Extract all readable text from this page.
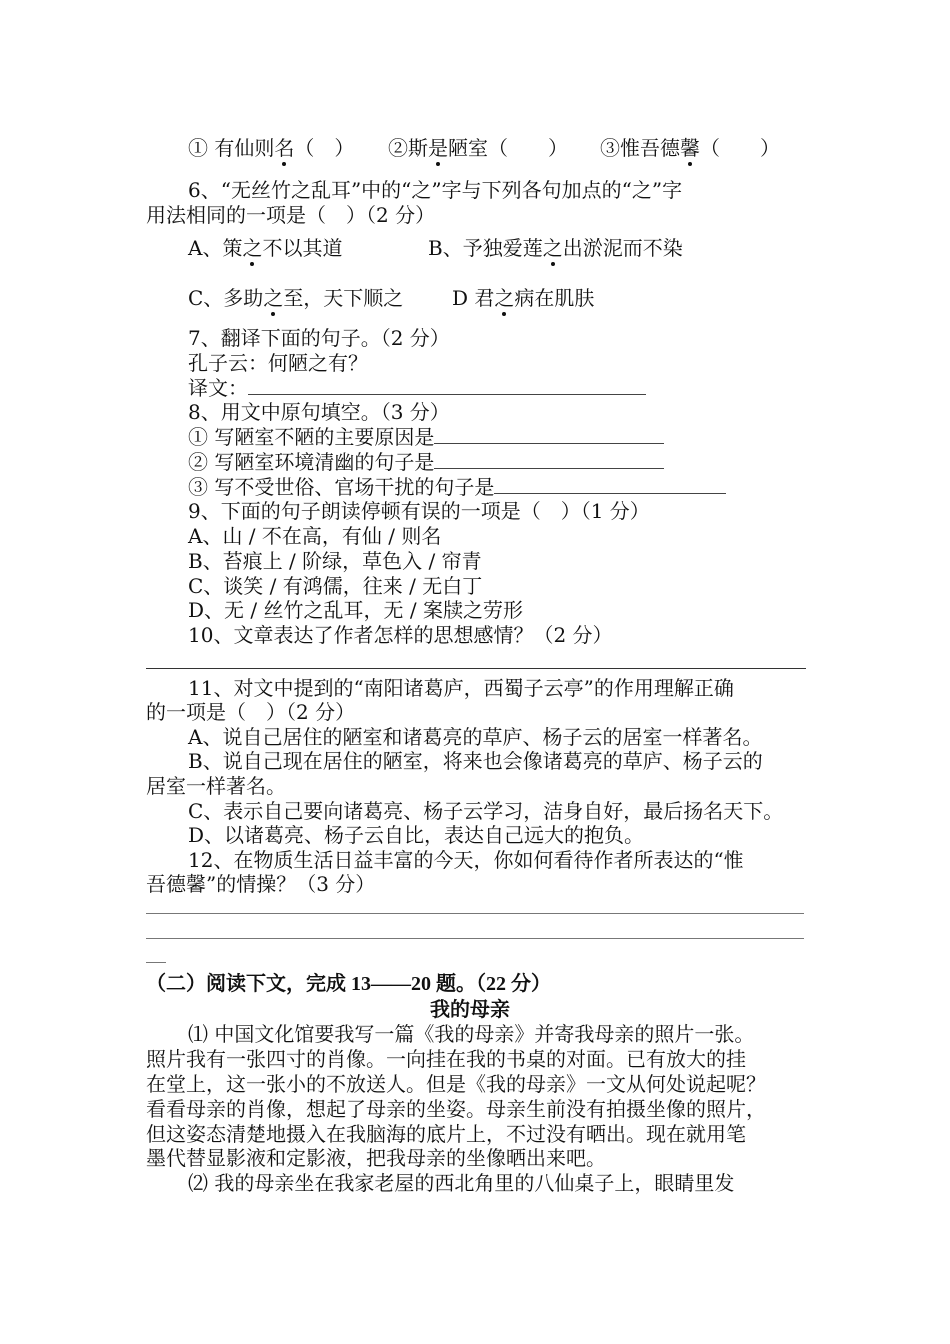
① 有仙则名（　） ②斯是陋室（　　） ③惟吾德馨（　　）
6、“无丝竹之乱耳”中的“之”字与下列各句加点的“之”字
用法相同的一项是（　）（2 分）
A、策之不以其道	B、予独爱莲之出淤泥而不染
C、多助之至，天下顺之 D 君之病在肌肤
7、翻译下面的句子。（2 分）
孔子云：何陋之有？
译文：
8、用文中原句填空。（3 分）
① 写陋室不陋的主要原因是
② 写陋室环境清幽的句子是
③ 写不受世俗、官场干扰的句子是
9、下面的句子朗读停顿有误的一项是（　）（1 分）
A、山 / 不在高，有仙 / 则名
B、苔痕上 / 阶绿，草色入 / 帘青
C、谈笑 / 有鸿儒，往来 / 无白丁
D、无 / 丝竹之乱耳，无 / 案牍之劳形
10、文章表达了作者怎样的思想感情？（2 分）
11、对文中提到的“南阳诸葛庐，西蜀子云亭”的作用理解正确
的一项是（　）（2 分）
A、说自己居住的陋室和诸葛亮的草庐、杨子云的居室一样著名。
B、说自己现在居住的陋室，将来也会像诸葛亮的草庐、杨子云的
居室一样著名。
C、表示自己要向诸葛亮、杨子云学习，洁身自好，最后扬名天下。
D、以诸葛亮、杨子云自比，表达自己远大的抱负。
12、在物质生活日益丰富的今天，你如何看待作者所表达的“惟
吾德馨”的情操？（3 分）
（二）阅读下文，完成 13——20 题。（22 分）
我的母亲
⑴ 中国文化馆要我写一篇《我的母亲》并寄我母亲的照片一张。
照片我有一张四寸的肖像。一向挂在我的书桌的对面。已有放大的挂
在堂上，这一张小的不放送人。但是《我的母亲》一文从何处说起呢？
看看母亲的肖像，想起了母亲的坐姿。母亲生前没有拍摄坐像的照片，
但这姿态清楚地摄入在我脑海的底片上，不过没有晒出。现在就用笔
墨代替显影液和定影液，把我母亲的坐像晒出来吧。
⑵ 我的母亲坐在我家老屋的西北角里的八仙桌子上，眼睛里发
